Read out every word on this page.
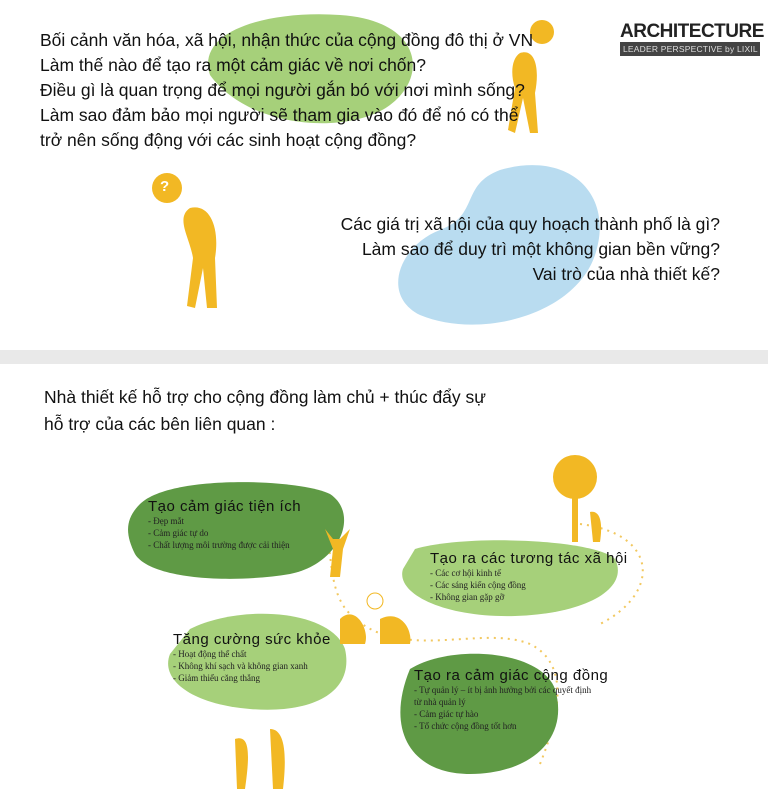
?
Bối cảnh văn hóa, xã hội, nhận thức của cộng đồng đô thị ở VN
Làm thế nào để tạo ra một cảm giác về nơi chốn?
Điều gì là quan trọng để mọi người gắn bó với nơi mình sống?
Làm sao đảm bảo mọi người sẽ tham gia vào đó để nó có thể
trở nên sống động với các sinh hoạt cộng đồng?
Các giá trị xã hội của quy hoạch thành phố là gì?
Làm sao để duy trì một không gian bền vững?
Vai trò của nhà thiết kế?
ARCHITECTURE
LEADER PERSPECTIVE by LIXIL
Nhà thiết kế hỗ trợ cho cộng đồng làm chủ + thúc đẩy sự
hỗ trợ của các bên liên quan :
Tạo cảm giác tiện ích
- Đẹp mắt
- Cảm giác tự do
- Chất lượng môi trường được cải thiện
Tạo ra các tương tác xã hội
- Các cơ hội kinh tế
- Các sáng kiến cộng đồng
- Không gian gặp gỡ
Tăng cường sức khỏe
- Hoạt động thể chất
- Không khí sạch và không gian xanh
- Giảm thiểu căng thẳng	Tạo ra cảm giác cộng đồng
- Tự quản lý – ít bị ảnh hưởng bởi các quyết định
từ nhà quản lý
- Cảm giác tự hào
- Tổ chức cộng đồng tốt hơn
